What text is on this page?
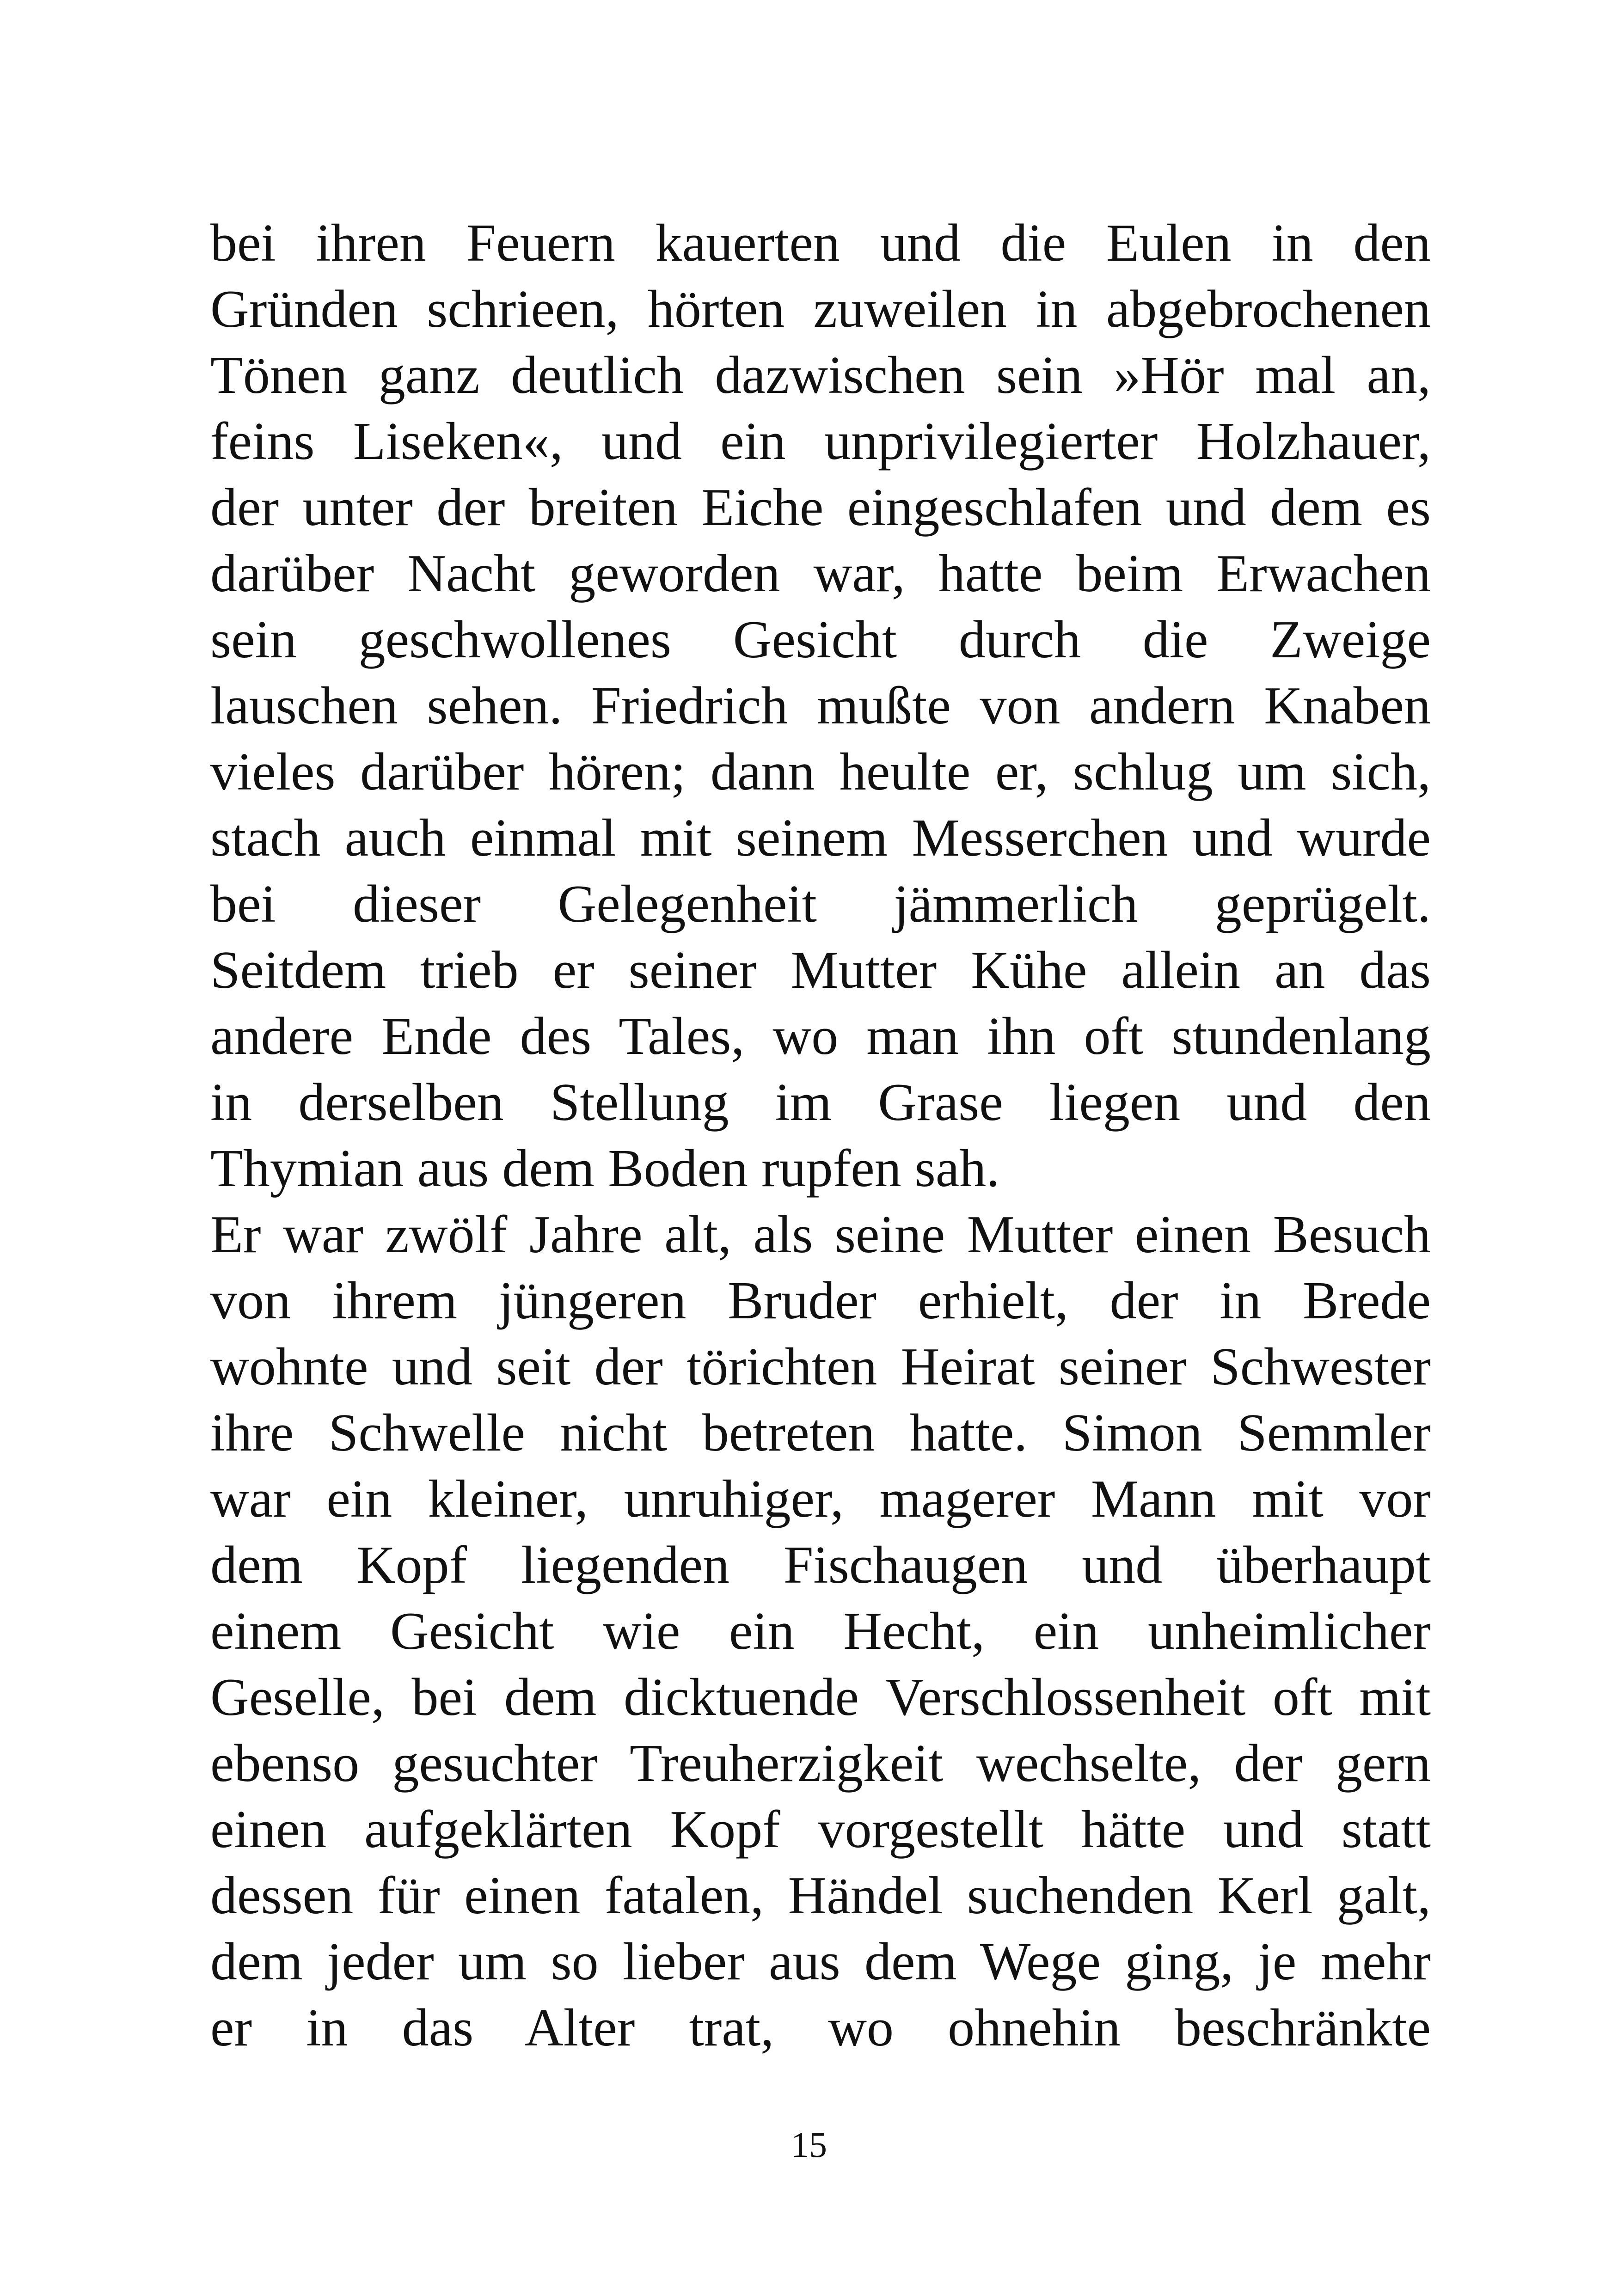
bei ihren Feuern kauerten und die Eulen in den
Gründen schrieen, hörten zuweilen in abgebrochenen
Tönen ganz deutlich dazwischen sein »Hör mal an,
feins Liseken«, und ein unprivilegierter Holzhauer,
der unter der breiten Eiche eingeschlafen und dem es
darüber Nacht geworden war, hatte beim Erwachen
sein geschwollenes Gesicht durch die Zweige
lauschen sehen. Friedrich mußte von andern Knaben
vieles darüber hören; dann heulte er, schlug um sich,
stach auch einmal mit seinem Messerchen und wurde
bei dieser Gelegenheit jämmerlich geprügelt.
Seitdem trieb er seiner Mutter Kühe allein an das
andere Ende des Tales, wo man ihn oft stundenlang
in derselben Stellung im Grase liegen und den
Thymian aus dem Boden rupfen sah.
Er war zwölf Jahre alt, als seine Mutter einen Besuch
von ihrem jüngeren Bruder erhielt, der in Brede
wohnte und seit der törichten Heirat seiner Schwester
ihre Schwelle nicht betreten hatte. Simon Semmler
war ein kleiner, unruhiger, magerer Mann mit vor
dem Kopf liegenden Fischaugen und überhaupt
einem Gesicht wie ein Hecht, ein unheimlicher
Geselle, bei dem dicktuende Verschlossenheit oft mit
ebenso gesuchter Treuherzigkeit wechselte, der gern
einen aufgeklärten Kopf vorgestellt hätte und statt
dessen für einen fatalen, Händel suchenden Kerl galt,
dem jeder um so lieber aus dem Wege ging, je mehr
er in das Alter trat, wo ohnehin beschränkte
15
